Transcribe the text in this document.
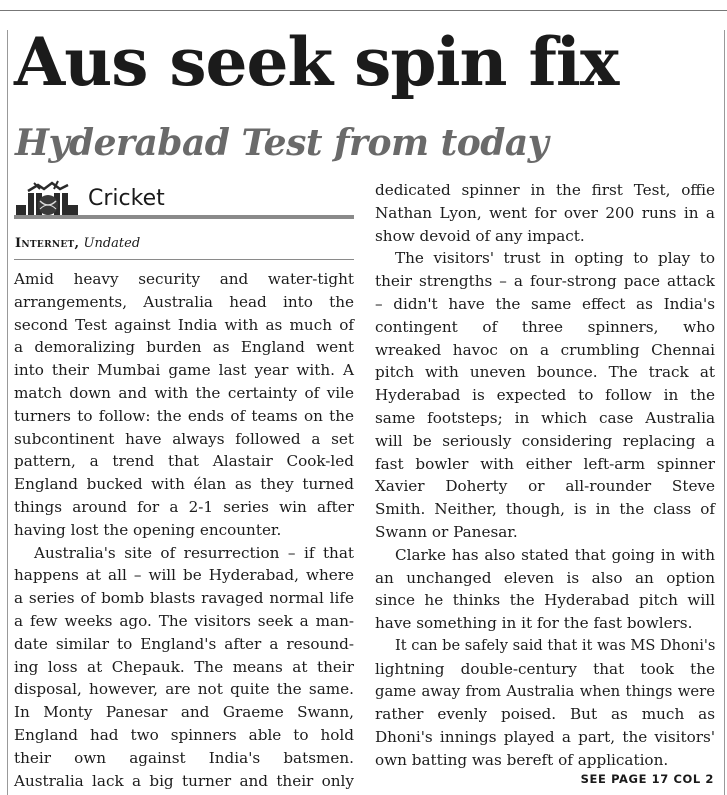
Aus seek spin fix
Hyderabad Test from today
Cricket
Internet, Undated
Amid heavy security and water-tight
arrangements, Australia head into the
second Test against India with as much of
a demoralizing burden as England went
into their Mumbai game last year with. A
match down and with the certainty of vile
turners to follow: the ends of teams on the
subcontinent have always followed a set
pattern, a trend that Alastair Cook-led
England bucked with élan as they turned
things around for a 2-1 series win after
having lost the opening encounter.
Australia's site of resurrection – if that
happens at all – will be Hyderabad, where
a series of bomb blasts ravaged normal life
a few weeks ago. The visitors seek a man-
date similar to England's after a resound-
ing loss at Chepauk. The means at their
disposal, however, are not quite the same.
In Monty Panesar and Graeme Swann,
England had two spinners able to hold
their own against India's batsmen.
Australia lack a big turner and their only
dedicated spinner in the first Test, offie
Nathan Lyon, went for over 200 runs in a
show devoid of any impact.
The visitors' trust in opting to play to
their strengths – a four-strong pace attack
– didn't have the same effect as India's
contingent of three spinners, who
wreaked havoc on a crumbling Chennai
pitch with uneven bounce. The track at
Hyderabad is expected to follow in the
same footsteps; in which case Australia
will be seriously considering replacing a
fast bowler with either left-arm spinner
Xavier Doherty or all-rounder Steve
Smith. Neither, though, is in the class of
Swann or Panesar.
Clarke has also stated that going in with
an unchanged eleven is also an option
since he thinks the Hyderabad pitch will
have something in it for the fast bowlers.
It can be safely said that it was MS Dhoni's
lightning double-century that took the
game away from Australia when things were
rather evenly poised. But as much as
Dhoni's innings played a part, the visitors'
own batting was bereft of application.
SEE PAGE 17 COL 2
